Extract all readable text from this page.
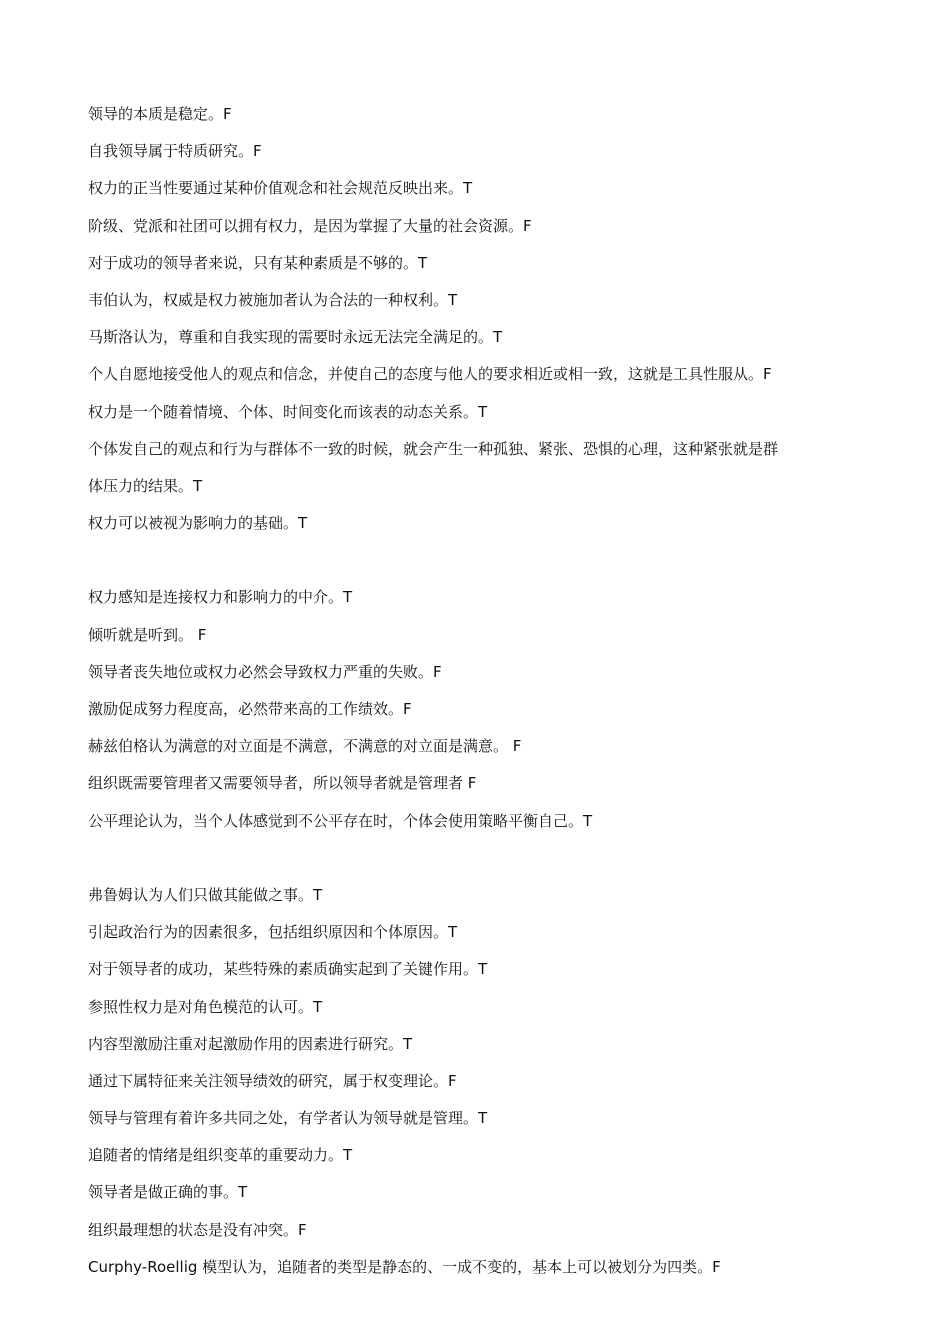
领导的本质是稳定。F
自我领导属于特质研究。F
权力的正当性要通过某种价值观念和社会规范反映出来。T
阶级、党派和社团可以拥有权力，是因为掌握了大量的社会资源。F
对于成功的领导者来说，只有某种素质是不够的。T
韦伯认为，权威是权力被施加者认为合法的一种权利。T
马斯洛认为，尊重和自我实现的需要时永远无法完全满足的。T
个人自愿地接受他人的观点和信念，并使自己的态度与他人的要求相近或相一致，这就是工具性服从。F
权力是一个随着情境、个体、时间变化而该表的动态关系。T
个体发自己的观点和行为与群体不一致的时候，就会产生一种孤独、紧张、恐惧的心理，这种紧张就是群
体压力的结果。T
权力可以被视为影响力的基础。T
权力感知是连接权力和影响力的中介。T
倾听就是听到。 F
领导者丧失地位或权力必然会导致权力严重的失败。F
激励促成努力程度高，必然带来高的工作绩效。F
赫兹伯格认为满意的对立面是不满意，不满意的对立面是满意。 F
组织既需要管理者又需要领导者，所以领导者就是管理者 F
公平理论认为，当个人体感觉到不公平存在时，个体会使用策略平衡自己。T
弗鲁姆认为人们只做其能做之事。T
引起政治行为的因素很多，包括组织原因和个体原因。T
对于领导者的成功，某些特殊的素质确实起到了关键作用。T
参照性权力是对角色模范的认可。T
内容型激励注重对起激励作用的因素进行研究。T
通过下属特征来关注领导绩效的研究，属于权变理论。F
领导与管理有着许多共同之处，有学者认为领导就是管理。T
追随者的情绪是组织变革的重要动力。T
领导者是做正确的事。T
组织最理想的状态是没有冲突。F
Curphy-Roellig 模型认为，追随者的类型是静态的、一成不变的，基本上可以被划分为四类。F
